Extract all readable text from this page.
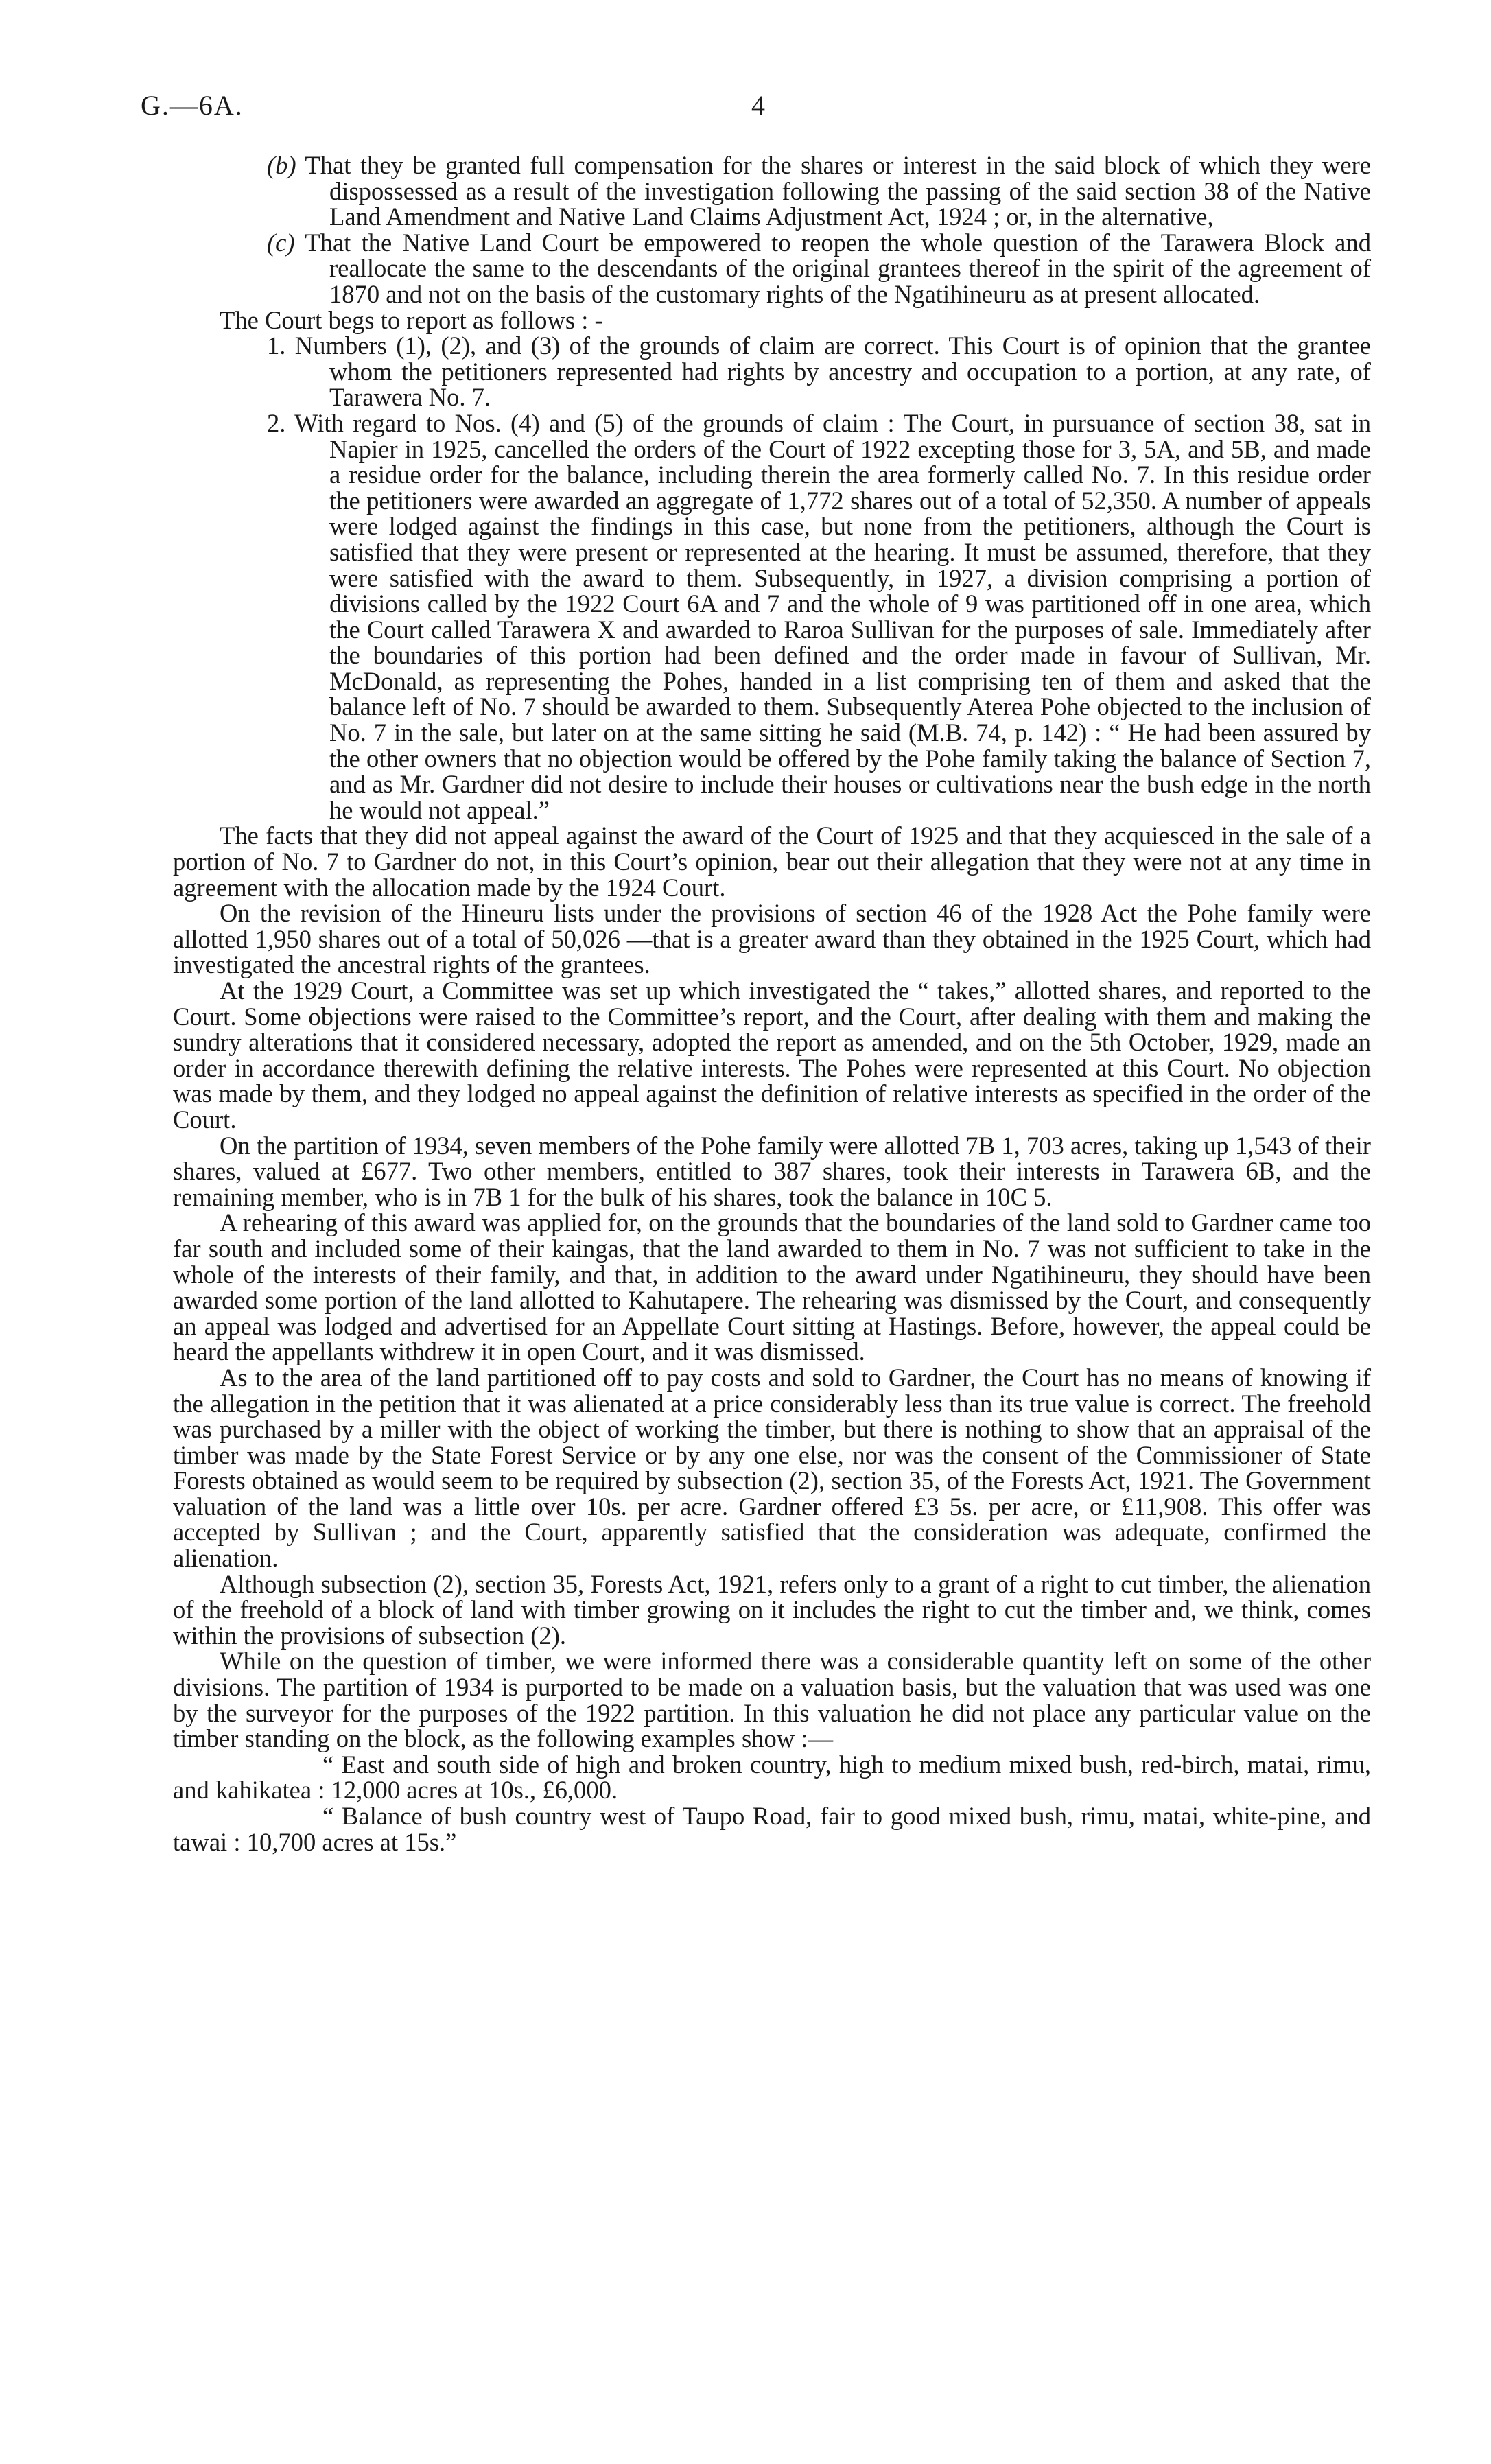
G.—6A.	4

(b) That they be granted full compensation for the shares or interest in the said block of which they were dispossessed as a result of the investigation following the passing of the said section 38 of the Native Land Amendment and Native Land Claims Adjustment Act, 1924 ; or, in the alternative,

(c) That the Native Land Court be empowered to reopen the whole question of the Tarawera Block and reallocate the same to the descendants of the original grantees thereof in the spirit of the agreement of 1870 and not on the basis of the customary rights of the Ngatihineuru as at present allocated.

The Court begs to report as follows : -

1. Numbers (1), (2), and (3) of the grounds of claim are correct. This Court is of opinion that the grantee whom the petitioners represented had rights by ancestry and occupation to a portion, at any rate, of Tarawera No. 7.

2. With regard to Nos. (4) and (5) of the grounds of claim : The Court, in pursuance of section 38, sat in Napier in 1925, cancelled the orders of the Court of 1922 excepting those for 3, 5A, and 5B, and made a residue order for the balance, including therein the area formerly called No. 7. In this residue order the petitioners were awarded an aggregate of 1,772 shares out of a total of 52,350. A number of appeals were lodged against the findings in this case, but none from the petitioners, although the Court is satisfied that they were present or represented at the hearing. It must be assumed, therefore, that they were satisfied with the award to them. Subsequently, in 1927, a division comprising a portion of divisions called by the 1922 Court 6A and 7 and the whole of 9 was partitioned off in one area, which the Court called Tarawera X and awarded to Raroa Sullivan for the purposes of sale. Immediately after the boundaries of this portion had been defined and the order made in favour of Sullivan, Mr. McDonald, as representing the Pohes, handed in a list comprising ten of them and asked that the balance left of No. 7 should be awarded to them. Subsequently Aterea Pohe objected to the inclusion of No. 7 in the sale, but later on at the same sitting he said (M.B. 74, p. 142) : “ He had been assured by the other owners that no objection would be offered by the Pohe family taking the balance of Section 7, and as Mr. Gardner did not desire to include their houses or cultivations near the bush edge in the north he would not appeal.”

The facts that they did not appeal against the award of the Court of 1925 and that they acquiesced in the sale of a portion of No. 7 to Gardner do not, in this Court’s opinion, bear out their allegation that they were not at any time in agreement with the allocation made by the 1924 Court.

On the revision of the Hineuru lists under the provisions of section 46 of the 1928 Act the Pohe family were allotted 1,950 shares out of a total of 50,026 —that is a greater award than they obtained in the 1925 Court, which had investigated the ancestral rights of the grantees.

At the 1929 Court, a Committee was set up which investigated the “ takes,” allotted shares, and reported to the Court. Some objections were raised to the Committee’s report, and the Court, after dealing with them and making the sundry alterations that it considered necessary, adopted the report as amended, and on the 5th October, 1929, made an order in accordance therewith defining the relative interests. The Pohes were represented at this Court. No objection was made by them, and they lodged no appeal against the definition of relative interests as specified in the order of the Court.

On the partition of 1934, seven members of the Pohe family were allotted 7B 1, 703 acres, taking up 1,543 of their shares, valued at £677. Two other members, entitled to 387 shares, took their interests in Tarawera 6B, and the remaining member, who is in 7B 1 for the bulk of his shares, took the balance in 10C 5.

A rehearing of this award was applied for, on the grounds that the boundaries of the land sold to Gardner came too far south and included some of their kaingas, that the land awarded to them in No. 7 was not sufficient to take in the whole of the interests of their family, and that, in addition to the award under Ngatihineuru, they should have been awarded some portion of the land allotted to Kahutapere. The rehearing was dismissed by the Court, and consequently an appeal was lodged and advertised for an Appellate Court sitting at Hastings. Before, however, the appeal could be heard the appellants withdrew it in open Court, and it was dismissed.

As to the area of the land partitioned off to pay costs and sold to Gardner, the Court has no means of knowing if the allegation in the petition that it was alienated at a price considerably less than its true value is correct. The freehold was purchased by a miller with the object of working the timber, but there is nothing to show that an appraisal of the timber was made by the State Forest Service or by any one else, nor was the consent of the Commissioner of State Forests obtained as would seem to be required by subsection (2), section 35, of the Forests Act, 1921. The Government valuation of the land was a little over 10s. per acre. Gardner offered £3 5s. per acre, or £11,908. This offer was accepted by Sullivan ; and the Court, apparently satisfied that the consideration was adequate, confirmed the alienation.

Although subsection (2), section 35, Forests Act, 1921, refers only to a grant of a right to cut timber, the alienation of the freehold of a block of land with timber growing on it includes the right to cut the timber and, we think, comes within the provisions of subsection (2).

While on the question of timber, we were informed there was a considerable quantity left on some of the other divisions. The partition of 1934 is purported to be made on a valuation basis, but the valuation that was used was one by the surveyor for the purposes of the 1922 partition. In this valuation he did not place any particular value on the timber standing on the block, as the following examples show :—

“ East and south side of high and broken country, high to medium mixed bush, red-birch, matai, rimu, and kahikatea : 12,000 acres at 10s., £6,000.

“ Balance of bush country west of Taupo Road, fair to good mixed bush, rimu, matai, white-pine, and tawai : 10,700 acres at 15s.”
